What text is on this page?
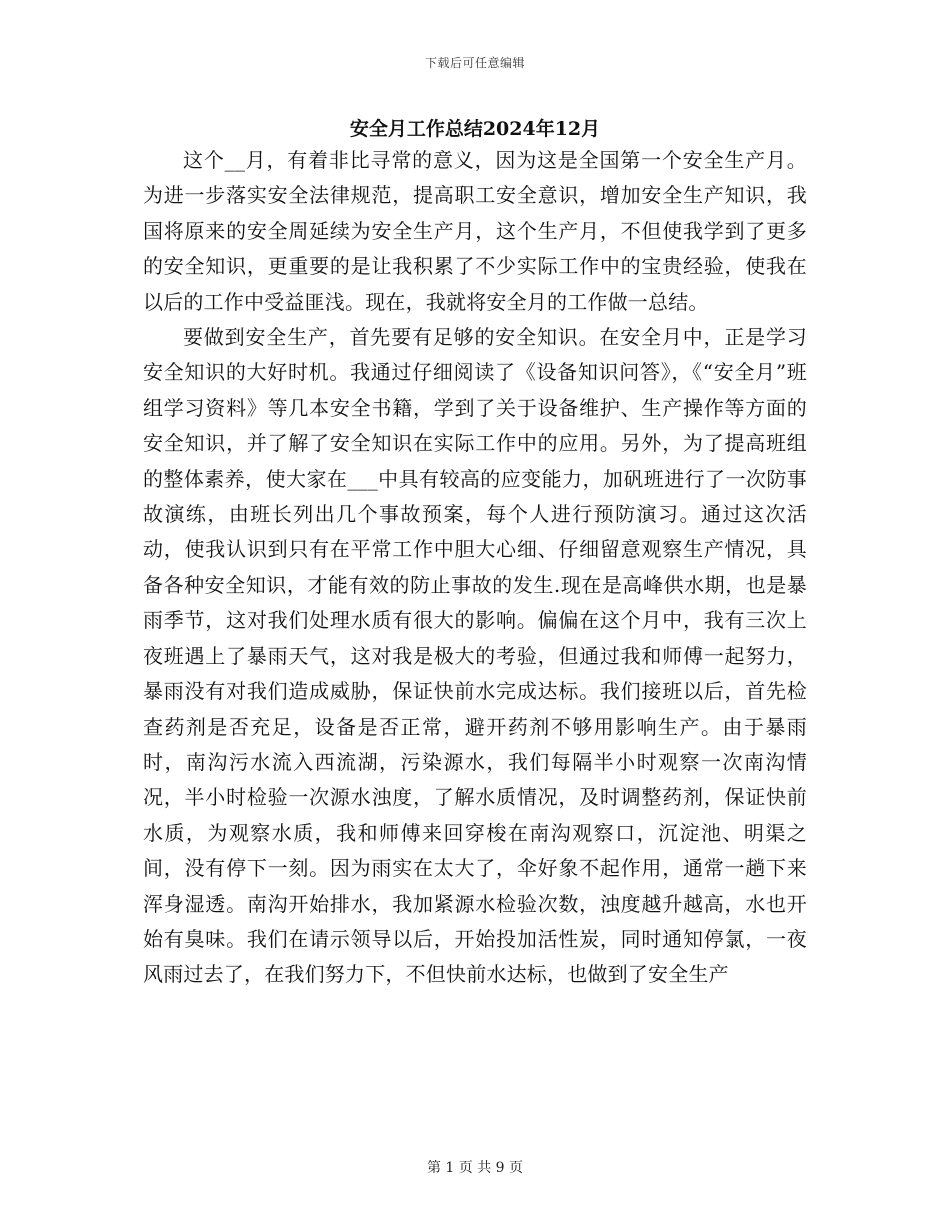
下载后可任意编辑
安全月工作总结2024年12月

这个__月，有着非比寻常的意义，因为这是全国第一个安全生产月。为进一步落实安全法律规范，提高职工安全意识，增加安全生产知识，我国将原来的安全周延续为安全生产月，这个生产月，不但使我学到了更多的安全知识，更重要的是让我积累了不少实际工作中的宝贵经验，使我在以后的工作中受益匪浅。现在，我就将安全月的工作做一总结。

要做到安全生产，首先要有足够的安全知识。在安全月中，正是学习安全知识的大好时机。我通过仔细阅读了《设备知识问答》，《“安全月”班组学习资料》等几本安全书籍，学到了关于设备维护、生产操作等方面的安全知识，并了解了安全知识在实际工作中的应用。另外，为了提高班组的整体素养，使大家在___中具有较高的应变能力，加矾班进行了一次防事故演练，由班长列出几个事故预案，每个人进行预防演习。通过这次活动，使我认识到只有在平常工作中胆大心细、仔细留意观察生产情况，具备各种安全知识，才能有效的防止事故的发生.现在是高峰供水期，也是暴雨季节，这对我们处理水质有很大的影响。偏偏在这个月中，我有三次上夜班遇上了暴雨天气，这对我是极大的考验，但通过我和师傅一起努力，暴雨没有对我们造成威胁，保证快前水完成达标。我们接班以后，首先检查药剂是否充足，设备是否正常，避开药剂不够用影响生产。由于暴雨时，南沟污水流入西流湖，污染源水，我们每隔半小时观察一次南沟情况，半小时检验一次源水浊度，了解水质情况，及时调整药剂，保证快前水质，为观察水质，我和师傅来回穿梭在南沟观察口，沉淀池、明渠之间，没有停下一刻。因为雨实在太大了，伞好象不起作用，通常一趟下来浑身湿透。南沟开始排水，我加紧源水检验次数，浊度越升越高，水也开始有臭味。我们在请示领导以后，开始投加活性炭，同时通知停氯，一夜风雨过去了，在我们努力下，不但快前水达标，也做到了安全生产

第 1 页 共 9 页
